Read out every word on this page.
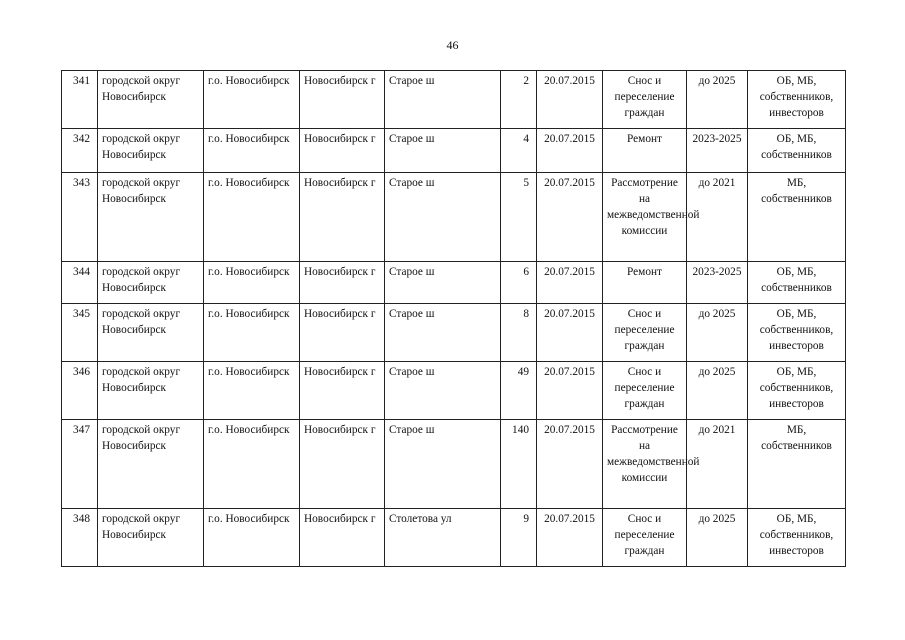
46
341	городской округ Новосибирск	г.о. Новосибирск	Новосибирск г	Старое ш	2	20.07.2015	Снос и переселение граждан	до 2025	ОБ, МБ, собственников, инвесторов
342	городской округ Новосибирск	г.о. Новосибирск	Новосибирск г	Старое ш	4	20.07.2015	Ремонт	2023-2025	ОБ, МБ, собственников
343	городской округ Новосибирск	г.о. Новосибирск	Новосибирск г	Старое ш	5	20.07.2015	Рассмотрение на межведомственной комиссии	до 2021	МБ, собственников
344	городской округ Новосибирск	г.о. Новосибирск	Новосибирск г	Старое ш	6	20.07.2015	Ремонт	2023-2025	ОБ, МБ, собственников
345	городской округ Новосибирск	г.о. Новосибирск	Новосибирск г	Старое ш	8	20.07.2015	Снос и переселение граждан	до 2025	ОБ, МБ, собственников, инвесторов
346	городской округ Новосибирск	г.о. Новосибирск	Новосибирск г	Старое ш	49	20.07.2015	Снос и переселение граждан	до 2025	ОБ, МБ, собственников, инвесторов
347	городской округ Новосибирск	г.о. Новосибирск	Новосибирск г	Старое ш	140	20.07.2015	Рассмотрение на межведомственной комиссии	до 2021	МБ, собственников
348	городской округ Новосибирск	г.о. Новосибирск	Новосибирск г	Столетова ул	9	20.07.2015	Снос и переселение граждан	до 2025	ОБ, МБ, собственников, инвесторов
